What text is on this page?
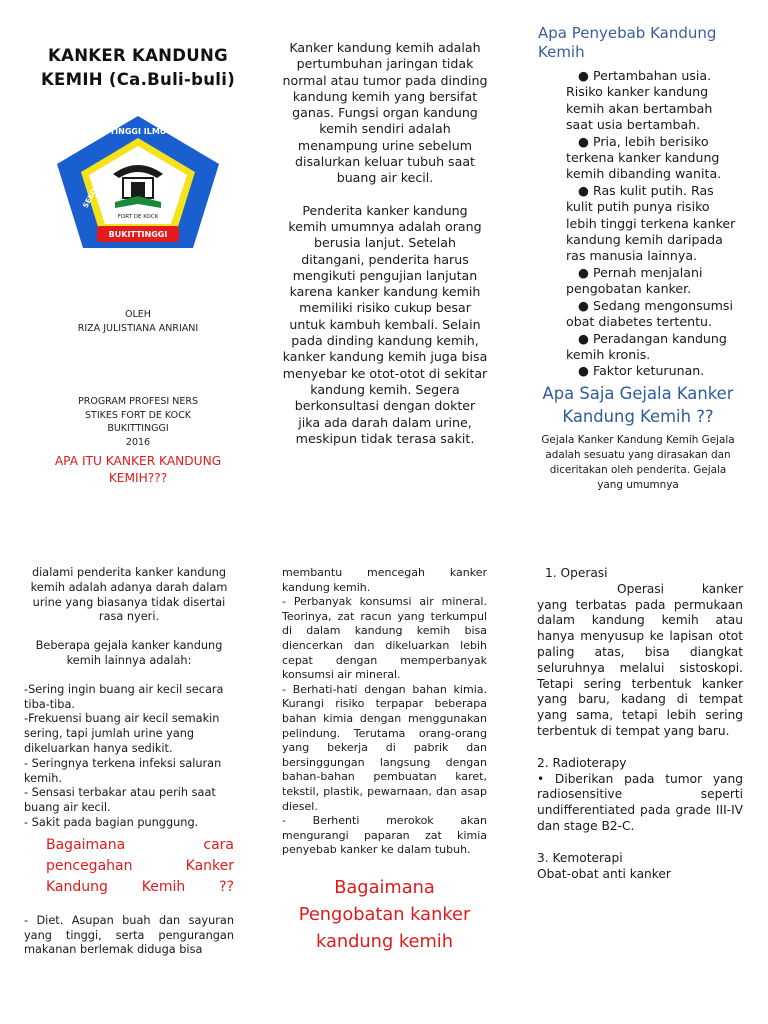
KANKER KANDUNG KEMIH (Ca.Buli-buli)
TINGGI ILMU
SEKOLAH	KESEHATAN
FORT DE KOCK
BUKITTINGGI

OLEH

RIZA JULISTIANA ANRIANI

PROGRAM PROFESI NERS

STIKES FORT DE KOCK

BUKITTINGGI

2016

APA ITU KANKER KANDUNG KEMIH???

Kanker kandung kemih adalah pertumbuhan jaringan tidak normal atau tumor pada dinding kandung kemih yang bersifat ganas. Fungsi organ kandung kemih sendiri adalah menampung urine sebelum disalurkan keluar tubuh saat buang air kecil.

Penderita kanker kandung kemih umumnya adalah orang berusia lanjut. Setelah ditangani, penderita harus mengikuti pengujian lanjutan karena kanker kandung kemih memiliki risiko cukup besar untuk kambuh kembali. Selain pada dinding kandung kemih, kanker kandung kemih juga bisa menyebar ke otot-otot di sekitar kandung kemih. Segera berkonsultasi dengan dokter jika ada darah dalam urine, meskipun tidak terasa sakit.

Apa Penyebab Kandung Kemih

● Pertambahan usia. Risiko kanker kandung kemih akan bertambah saat usia bertambah.

● Pria, lebih berisiko terkena kanker kandung kemih dibanding wanita.

● Ras kulit putih. Ras kulit putih punya risiko lebih tinggi terkena kanker kandung kemih daripada ras manusia lainnya.

● Pernah menjalani pengobatan kanker.

● Sedang mengonsumsi obat diabetes tertentu.

● Peradangan kandung kemih kronis.

● Faktor keturunan.

Apa Saja Gejala Kanker Kandung Kemih ??

Gejala Kanker Kandung Kemih Gejala adalah sesuatu yang dirasakan dan diceritakan oleh penderita. Gejala yang umumnya

dialami penderita kanker kandung kemih adalah adanya darah dalam urine yang biasanya tidak disertai rasa nyeri.

Beberapa gejala kanker kandung kemih lainnya adalah:

-Sering ingin buang air kecil secara tiba-tiba.

-Frekuensi buang air kecil semakin sering, tapi jumlah urine yang dikeluarkan hanya sedikit.

- Seringnya terkena infeksi saluran kemih.

- Sensasi terbakar atau perih saat buang air kecil.

- Sakit pada bagian punggung.

Bagaimana cara pencegahan Kanker Kandung Kemih ??

- Diet. Asupan buah dan sayuran yang tinggi, serta pengurangan makanan berlemak diduga bisa

membantu mencegah kanker kandung kemih.

- Perbanyak konsumsi air mineral. Teorinya, zat racun yang terkumpul di dalam kandung kemih bisa diencerkan dan dikeluarkan lebih cepat dengan memperbanyak konsumsi air mineral.

- Berhati-hati dengan bahan kimia. Kurangi risiko terpapar beberapa bahan kimia dengan menggunakan pelindung. Terutama orang-orang yang bekerja di pabrik dan bersinggungan langsung dengan bahan-bahan pembuatan karet, tekstil, plastik, pewarnaan, dan asap diesel.

- Berhenti merokok akan mengurangi paparan zat kimia penyebab kanker ke dalam tubuh.

Bagaimana Pengobatan kanker kandung kemih

1. Operasi

Operasi kanker yang terbatas pada permukaan dalam kandung kemih atau hanya menyusup ke lapisan otot paling atas, bisa diangkat seluruhnya melalui sistoskopi. Tetapi sering terbentuk kanker yang baru, kadang di tempat yang sama, tetapi lebih sering terbentuk di tempat yang baru.

2. Radioterapy

• Diberikan pada tumor yang radiosensitive seperti undifferentiated pada grade III-IV dan stage B2-C.

3. Kemoterapi

Obat-obat anti kanker
